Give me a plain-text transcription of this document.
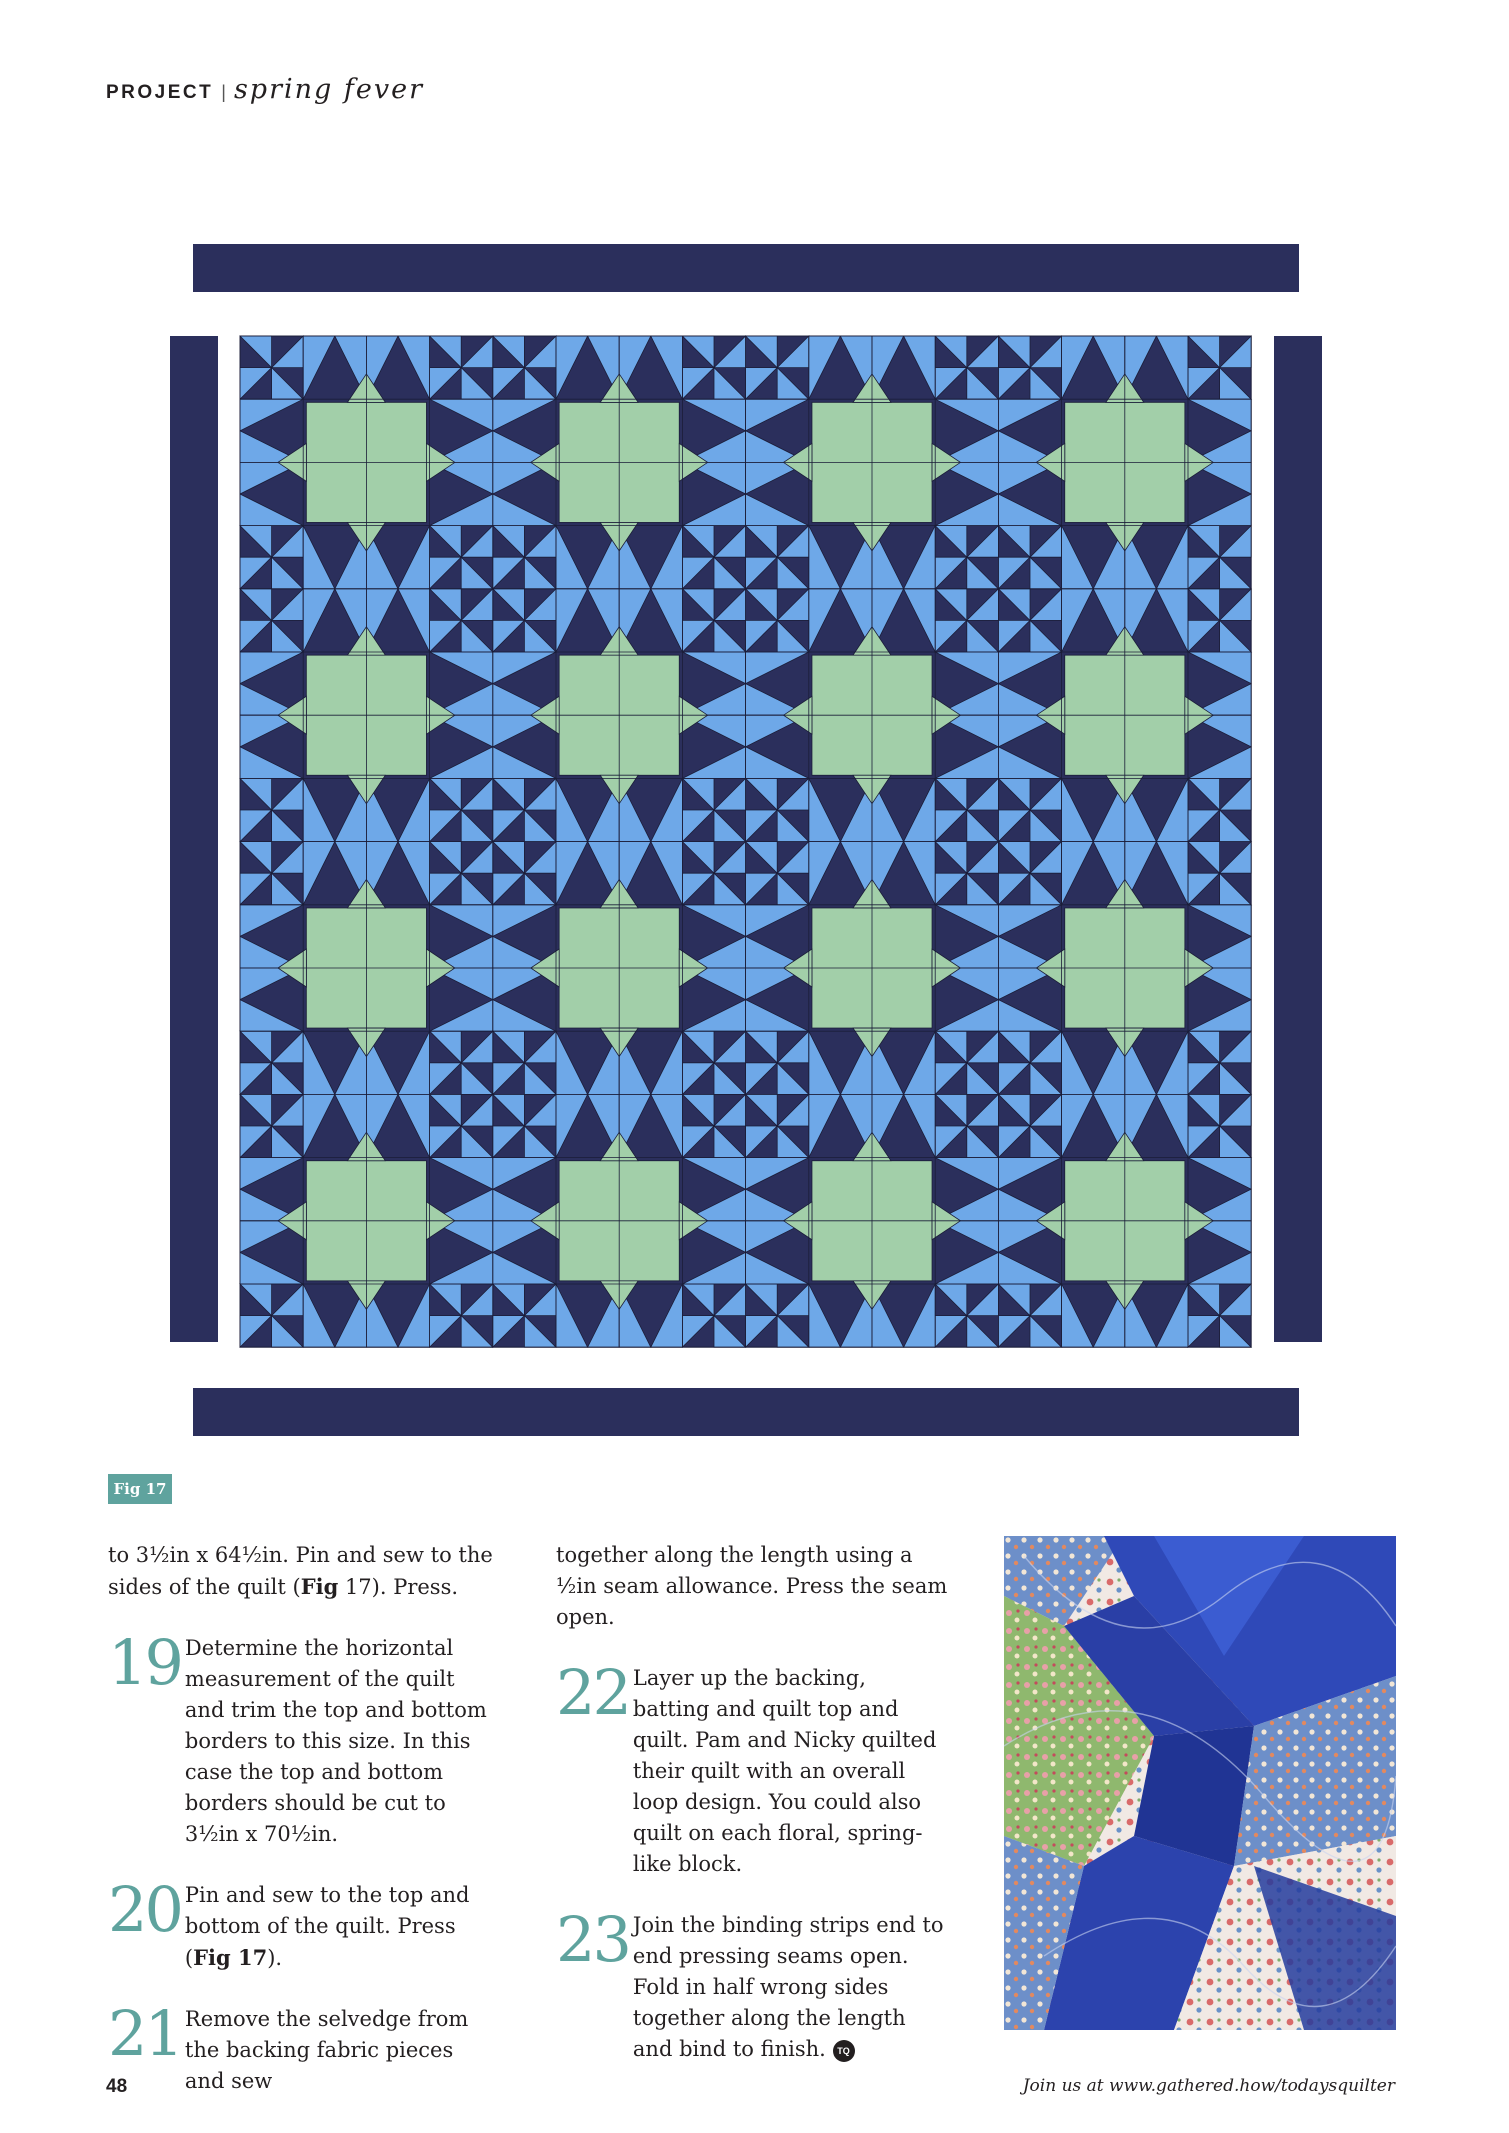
PROJECT | spring fever
Fig 17

to 3½in x 64½in. Pin and sew to the sides of the quilt (Fig 17). Press.

19 Determine the horizontal measurement of the quilt and trim the top and bottom borders to this size. In this case the top and bottom borders should be cut to 3½in x 70½in.
20 Pin and sew to the top and bottom of the quilt. Press (Fig 17).
21 Remove the selvedge from the backing fabric pieces and sew

together along the length using a ½in seam allowance. Press the seam open.

22 Layer up the backing, batting and quilt top and quilt. Pam and Nicky quilted their quilt with an overall loop design. You could also quilt on each floral, spring-like block.
23 Join the binding strips end to end pressing seams open. Fold in half wrong sides together along the length and bind to finish. TQ
48	Join us at www.gathered.how/todaysquilter
